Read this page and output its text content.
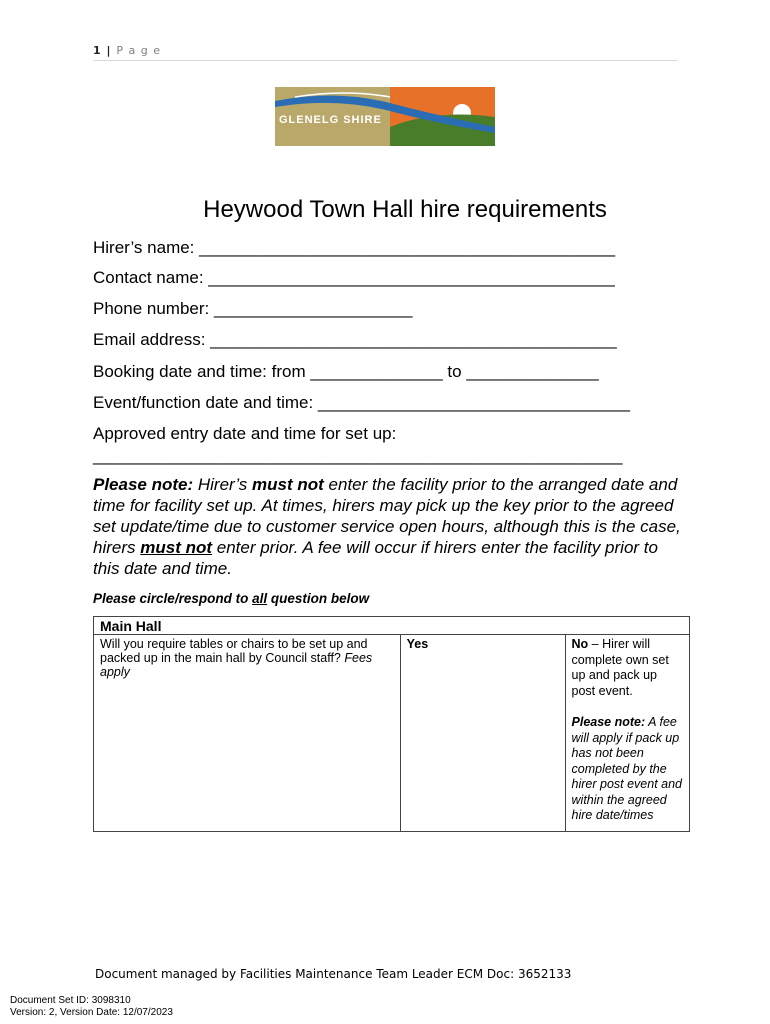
1 | P a g e
GLENELG SHIRE
Heywood Town Hall hire requirements
Hirer’s name: ____________________________________________
Contact name: ___________________________________________
Phone number: _____________________
Email address: ___________________________________________
Booking date and time: from ______________ to ______________
Event/function date and time: _________________________________
Approved entry date and time for set up:
________________________________________________________
Please note: Hirer’s must not enter the facility prior to the arranged date and time for facility set up. At times, hirers may pick up the key prior to the agreed set update/time due to customer service open hours, although this is the case, hirers must not enter prior. A fee will occur if hirers enter the facility prior to this date and time.
Please circle/respond to all question below
Main Hall
Will you require tables or chairs to be set up and packed up in the main hall by Council staff? Fees apply	Yes	No – Hirer will complete own set up and pack up post event.
Please note: A fee will apply if pack up has not been completed by the hirer post event and within the agreed hire date/times
Document managed by Facilities Maintenance Team Leader ECM Doc: 3652133
Document Set ID: 3098310
Version: 2, Version Date: 12/07/2023
